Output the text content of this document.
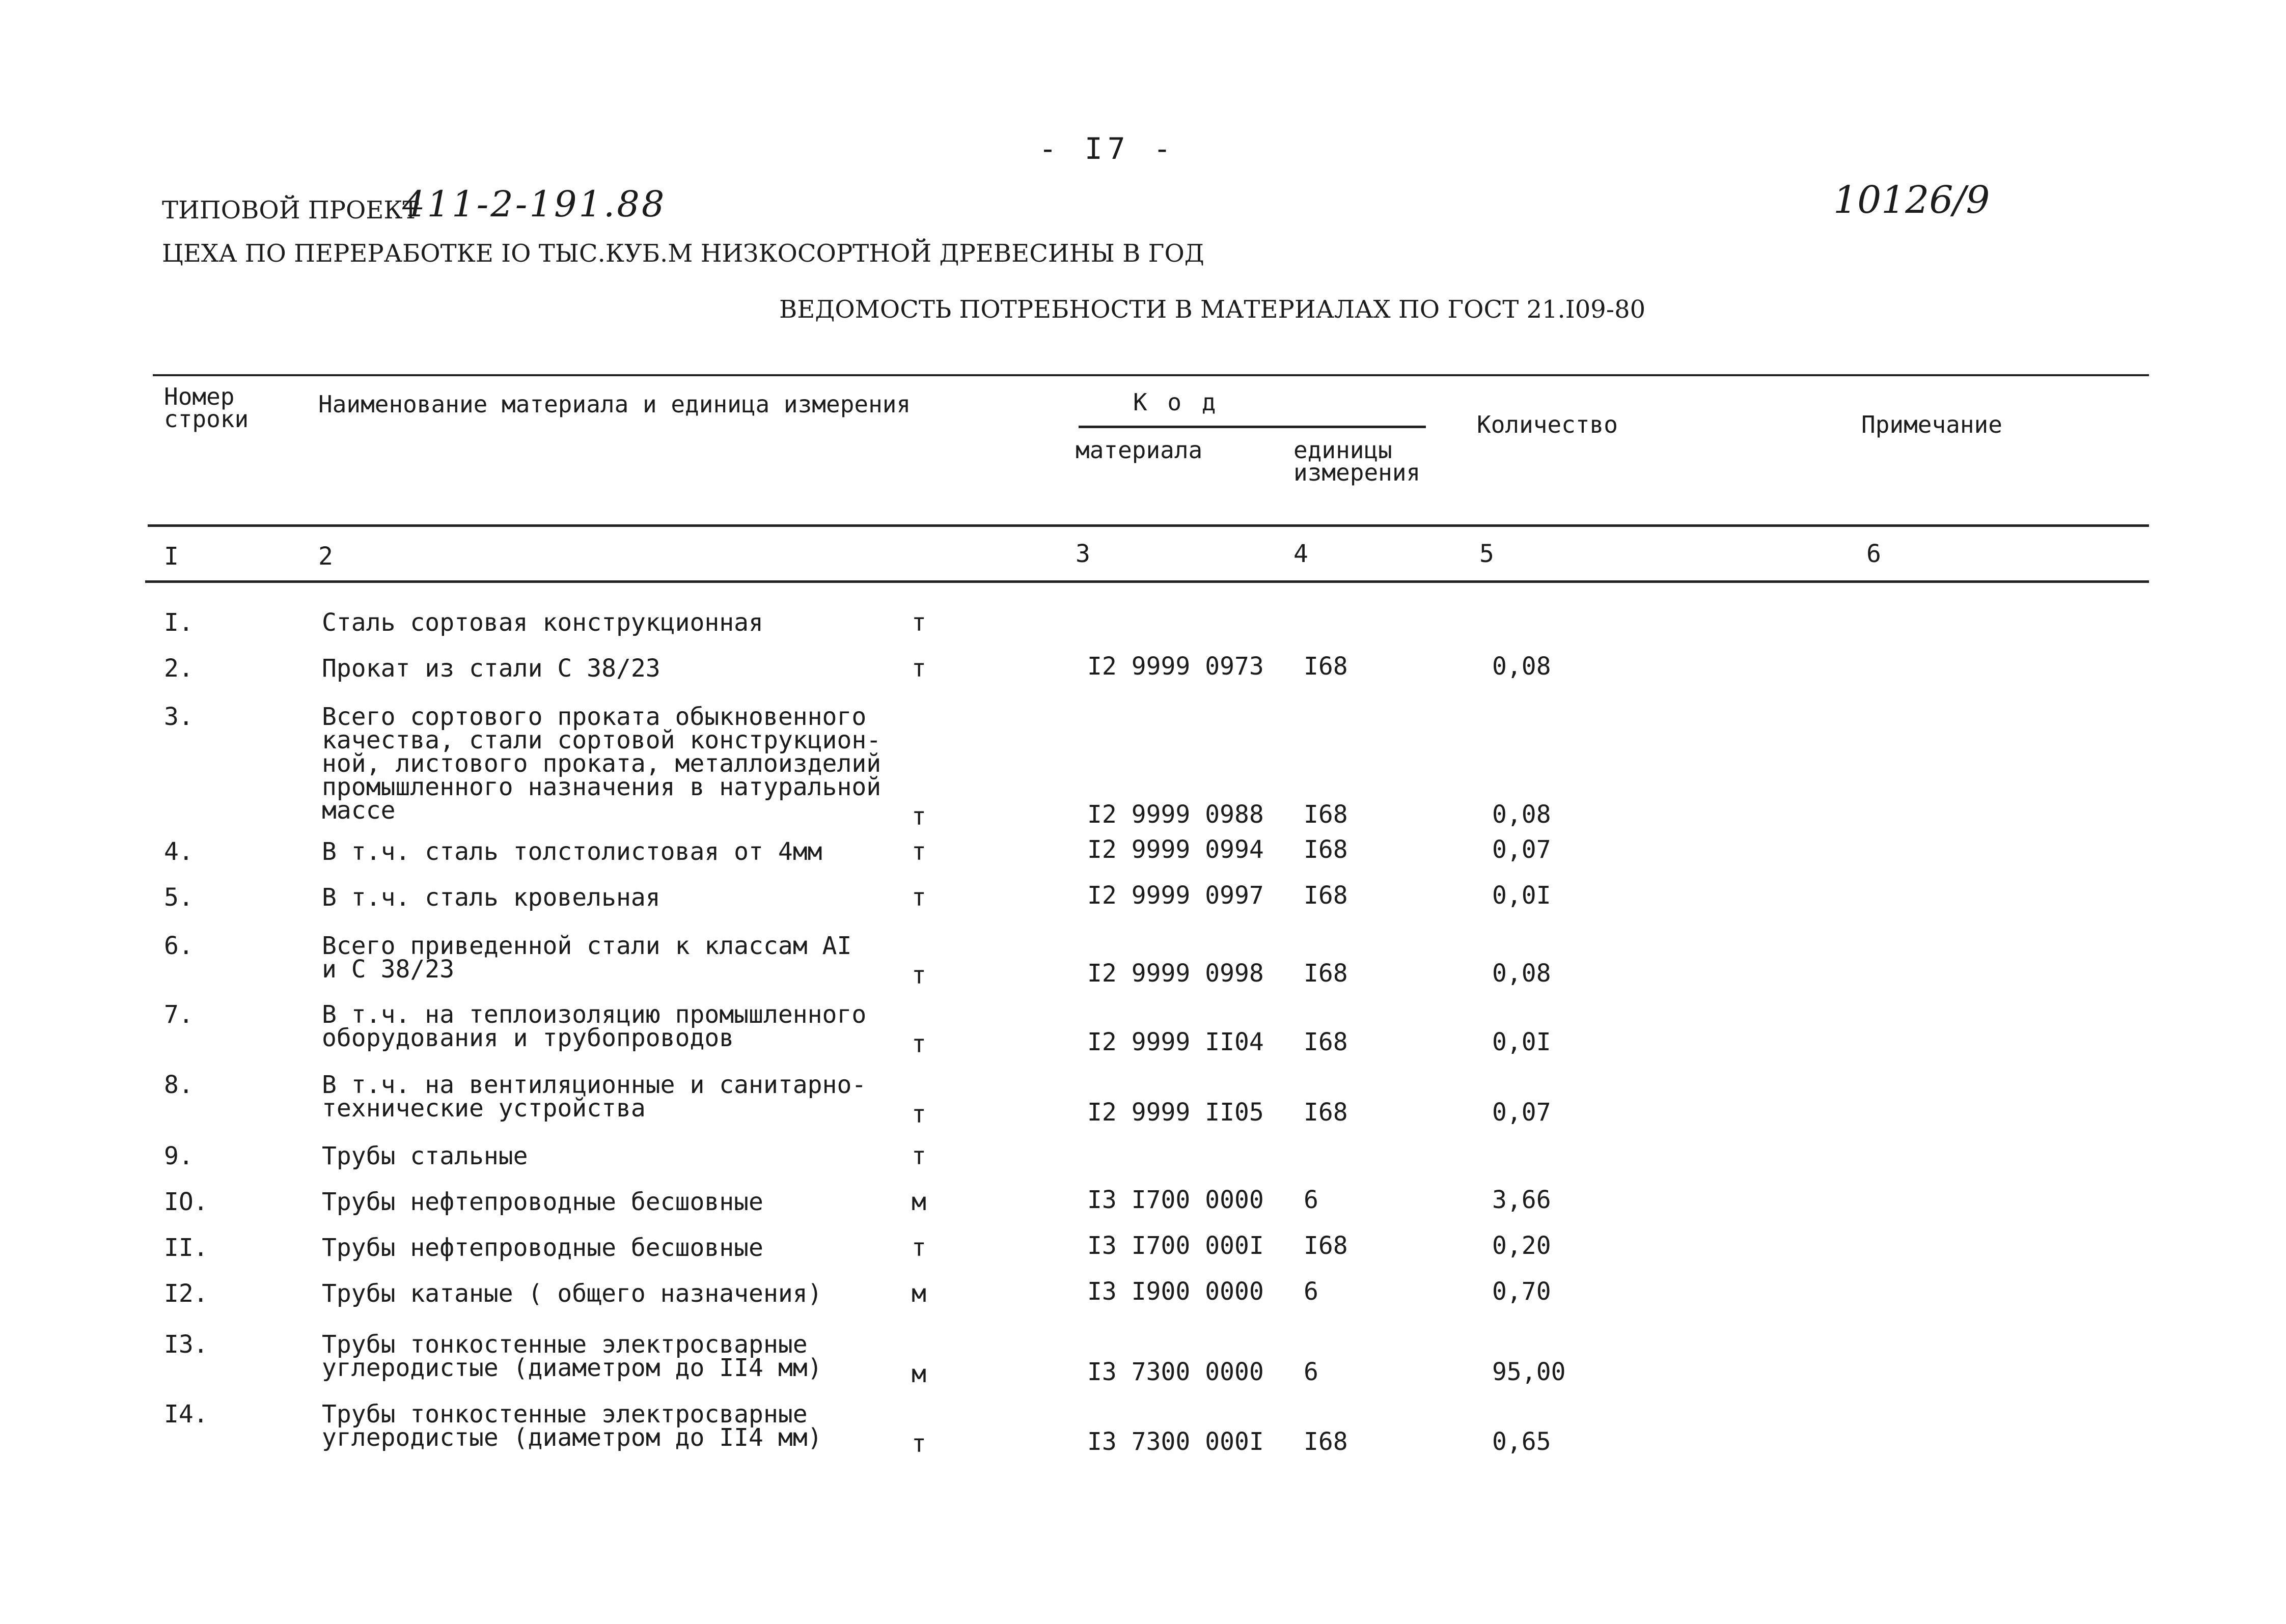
- I7 -
ТИПОВОЙ ПРОЕКТ
411-2-191.88	10126/9
ЦЕХА ПО ПЕРЕРАБОТКЕ IO ТЫС.КУБ.М НИЗКОСОРТНОЙ ДРЕВЕСИНЫ В ГОД
ВЕДОМОСТЬ ПОТРЕБНОСТИ В МАТЕРИАЛАХ ПО ГОСТ 21.I09-80
Номер
строки
Наименование материала и единица измерения	К о д
материала	единицы
измерения
Количество	Примечание
I	2	3	4	5	6
I.	Сталь сортовая конструкционная	т
2.	Прокат из стали С 38/23	т	I2 9999 0973 I68	0,08
3.	Всего сортового проката обыкновенного
качества, стали сортовой конструкцион-
ной, листового проката, металлоизделий
промышленного назначения в натуральной
массе	т	I2 9999 0988 I68	0,08
4.	В т.ч. сталь толстолистовая от 4мм	т	I2 9999 0994 I68	0,07
5.	В т.ч. сталь кровельная	т	I2 9999 0997 I68	0,0I
6.	Всего приведенной стали к классам АI
и С 38/23	т	I2 9999 0998 I68	0,08
7.	В т.ч. на теплоизоляцию промышленного
оборудования и трубопроводов	т	I2 9999 II04 I68	0,0I
8.	В т.ч. на вентиляционные и санитарно-
технические устройства	т	I2 9999 II05 I68	0,07
9.	Трубы стальные	т
IO.	Трубы нефтепроводные бесшовные	м	I3 I700 0000 6	3,66
II.	Трубы нефтепроводные бесшовные	т	I3 I700 000I I68	0,20
I2.	Трубы катаные ( общего назначения)	м	I3 I900 0000 6	0,70
I3.	Трубы тонкостенные электросварные
углеродистые (диаметром до II4 мм)	м	I3 7300 0000 6	95,00
I4.	Трубы тонкостенные электросварные
углеродистые (диаметром до II4 мм)	т	I3 7300 000I I68	0,65
